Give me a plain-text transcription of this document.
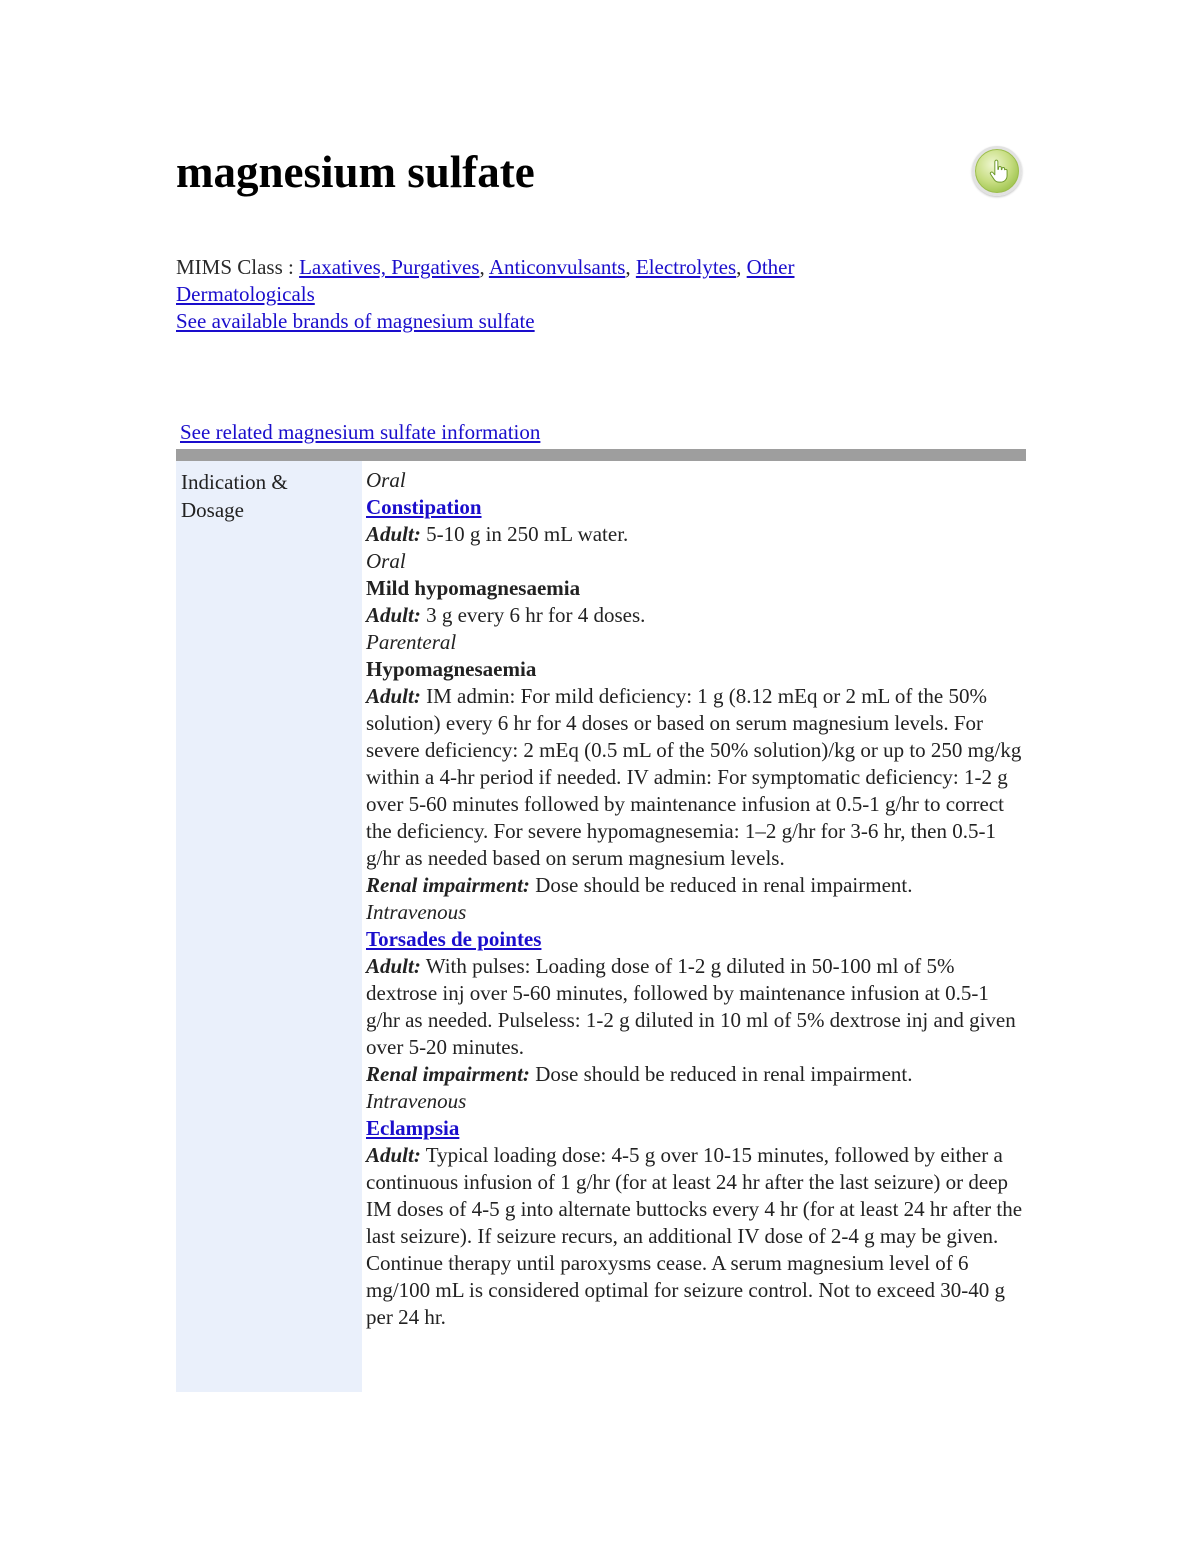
magnesium sulfate
MIMS Class : Laxatives, Purgatives, Anticonvulsants, Electrolytes, Other Dermatologicals
See available brands of magnesium sulfate
See related magnesium sulfate information
Indication & Dosage
Oral
Constipation
Adult: 5-10 g in 250 mL water.
Oral
Mild hypomagnesaemia
Adult: 3 g every 6 hr for 4 doses.
Parenteral
Hypomagnesaemia
Adult: IM admin: For mild deficiency: 1 g (8.12 mEq or 2 mL of the 50% solution) every 6 hr for 4 doses or based on serum magnesium levels. For severe deficiency: 2 mEq (0.5 mL of the 50% solution)/kg or up to 250 mg/kg within a 4-hr period if needed. IV admin: For symptomatic deficiency: 1-2 g over 5-60 minutes followed by maintenance infusion at 0.5-1 g/hr to correct the deficiency. For severe hypomagnesemia: 1–2 g/hr for 3-6 hr, then 0.5-1 g/hr as needed based on serum magnesium levels.
Renal impairment: Dose should be reduced in renal impairment.
Intravenous
Torsades de pointes
Adult: With pulses: Loading dose of 1-2 g diluted in 50-100 ml of 5% dextrose inj over 5-60 minutes, followed by maintenance infusion at 0.5-1 g/hr as needed. Pulseless: 1-2 g diluted in 10 ml of 5% dextrose inj and given over 5-20 minutes.
Renal impairment: Dose should be reduced in renal impairment.
Intravenous
Eclampsia
Adult: Typical loading dose: 4-5 g over 10-15 minutes, followed by either a continuous infusion of 1 g/hr (for at least 24 hr after the last seizure) or deep IM doses of 4-5 g into alternate buttocks every 4 hr (for at least 24 hr after the last seizure). If seizure recurs, an additional IV dose of 2-4 g may be given. Continue therapy until paroxysms cease. A serum magnesium level of 6 mg/100 mL is considered optimal for seizure control. Not to exceed 30-40 g per 24 hr.
